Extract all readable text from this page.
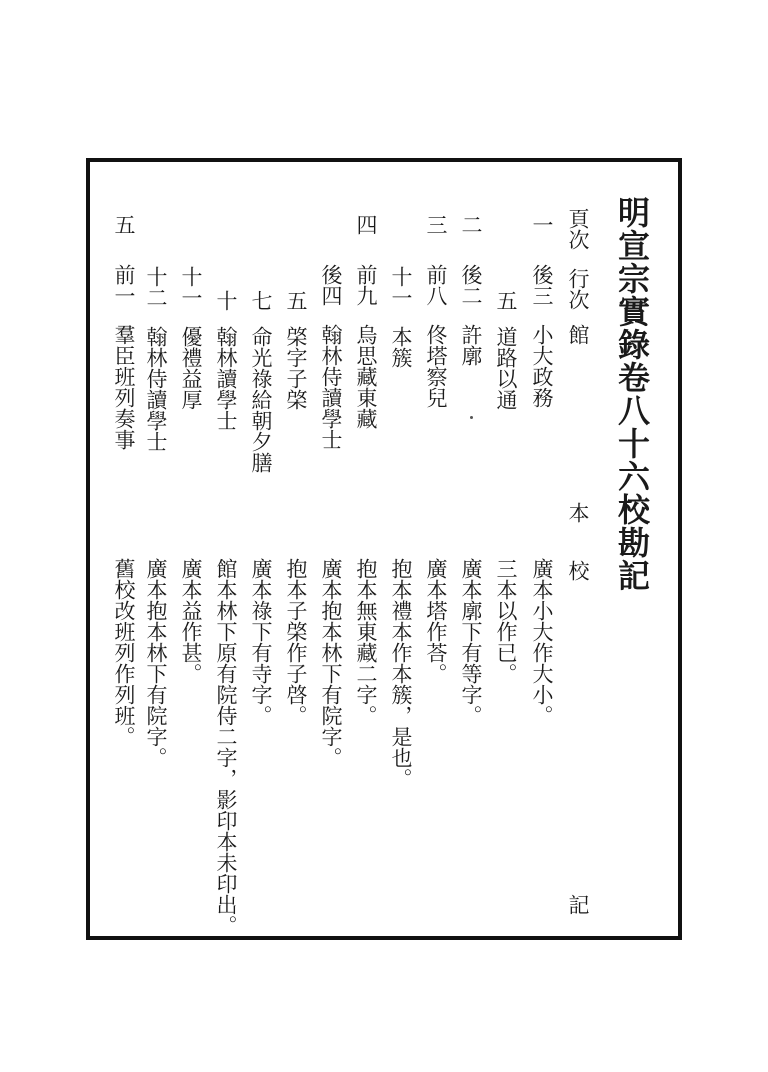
明宣宗實錄卷八十六校勘記
頁次
行次
館
本
校
記
一
後三
小大政務
廣本小大作大小。
五
道路以通
三本以作已。
二
後二
許廓
廣本廓下有等字。
三
前八
佟塔察兒
廣本塔作荅。
十一
本簇
抱本禮本作本簇，是也。
四
前九
烏思藏東藏
抱本無東藏二字。
後四
翰林侍讀學士
廣本抱本林下有院字。
五
棨字子棨
抱本子棨作子啓。
七
命光祿給朝夕膳
廣本祿下有寺字。
十
翰林讀學士
館本林下原有院侍二字，影印本未印出。
十一
優禮益厚
廣本益作甚。
十二
翰林侍讀學士
廣本抱本林下有院字。
五
前一
羣臣班列奏事
舊校改班列作列班。
